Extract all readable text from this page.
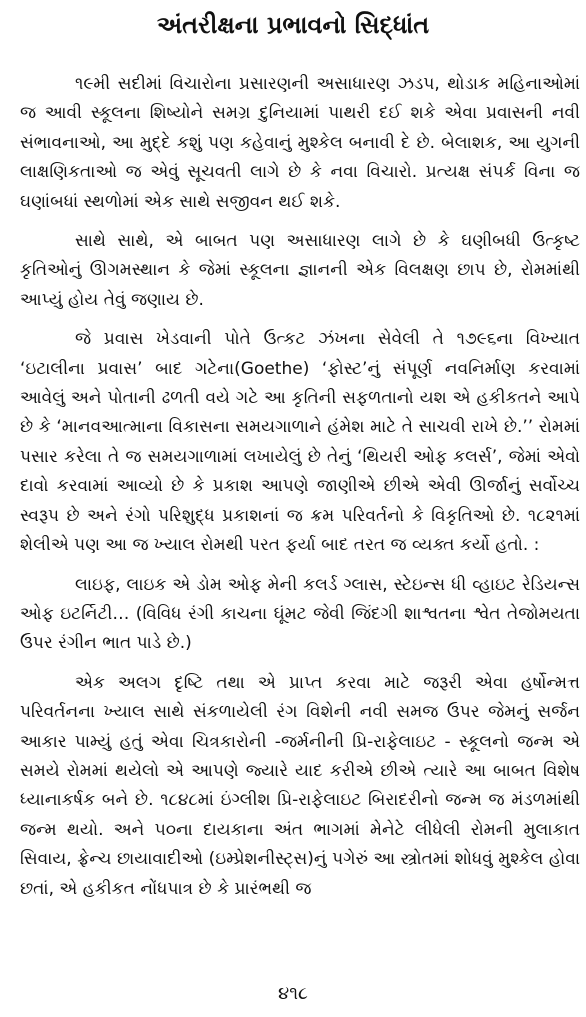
અંતરીક્ષના પ્રભાવનો સિદ્ધાંત

૧૯મી સદીમાં વિચારોના પ્રસારણની અસાધારણ ઝડપ, થોડાક મહિનાઓમાં જ આવી સ્કૂલના શિષ્યોને સમગ્ર દુનિયામાં પાથરી દઈ શકે એવા પ્રવાસની નવી સંભાવનાઓ, આ મુદ્દે કશું પણ કહેવાનું મુશ્કેલ બનાવી દે છે. બેલાશક, આ યુગની લાક્ષણિકતાઓ જ એવું સૂચવતી લાગે છે કે નવા વિચારો. પ્રત્યક્ષ સંપર્ક વિના જ ઘણાંબધાં સ્થળોમાં એક સાથે સજીવન થઈ શકે.

સાથે સાથે, એ બાબત પણ અસાધારણ લાગે છે કે ઘણીબધી ઉત્કૃષ્ટ કૃતિઓનું ઊગમસ્થાન કે જેમાં સ્કૂલના જ્ઞાનની એક વિલક્ષણ છાપ છે, રોમમાંથી આપ્યું હોય તેવું જણાય છે.

જે પ્રવાસ ખેડવાની પોતે ઉત્કટ ઝંખના સેવેલી તે ૧૭૯૬ના વિખ્યાત ‘ઇટાલીના પ્રવાસ’ બાદ ગટેના(Goethe) ‘ફોસ્ટ’નું સંપૂર્ણ નવનિર્માણ કરવામાં આવેલું અને પોતાની ઢળતી વયે ગટે આ કૃતિની સફળતાનો યશ એ હકીકતને આપે છે કે ‘માનવઆત્માના વિકાસના સમયગાળાને હંમેશ માટે તે સાચવી રાખે છે.’’ રોમમાં પસાર કરેલા તે જ સમયગાળામાં લખાયેલું છે તેનું ‘થિયરી ઓફ કલર્સ’, જેમાં એવો દાવો કરવામાં આવ્યો છે કે પ્રકાશ આપણે જાણીએ છીએ એવી ઊર્જાનું સર્વોચ્ચ સ્વરૂપ છે અને રંગો પરિશુદ્ધ પ્રકાશનાં જ ક્રમ પરિવર્તનો કે વિકૃતિઓ છે. ૧૮૨૧માં શેલીએ પણ આ જ ખ્યાલ રોમથી પરત ફર્યા બાદ તરત જ વ્યક્ત કર્યો હતો. :

લાઇફ, લાઇક એ ડોમ ઓફ મેની કલર્ડ ગ્લાસ, સ્ટેઇન્સ ધી વ્હાઇટ રેડિયન્સ ઓફ ઇટર્નિટી… (વિવિધ રંગી કાચના ઘૂંમટ જેવી જિંદગી શાશ્વતના શ્વેત તેજોમયતા ઉપર રંગીન ભાત પાડે છે.)

એક અલગ દૃષ્ટિ તથા એ પ્રાપ્ત કરવા માટે જરૂરી એવા હર્ષોન્મત્ત પરિવર્તનના ખ્યાલ સાથે સંકળાયેલી રંગ વિશેની નવી સમજ ઉપર જેમનું સર્જન આકાર પામ્યું હતું એવા ચિત્રકારોની -જર્મનીની પ્રિ-રાફેલાઇટ - સ્કૂલનો જન્મ એ સમયે રોમમાં થયેલો એ આપણે જ્યારે યાદ કરીએ છીએ ત્યારે આ બાબત વિશેષ ધ્યાનાકર્ષક બને છે. ૧૮૪૮માં ઇંગ્લીશ પ્રિ-રાફેલાઇટ બિરાદરીનો જન્મ જ મંડળમાંથી જન્મ થયો. અને ૫૦ના દાયકાના અંત ભાગમાં મેનેટે લીધેલી રોમની મુલાકાત સિવાય, ફ્રેન્ચ છાયાવાદીઓ (ઇમ્પ્રેશનીસ્ટ્સ)નું પગેરું આ સ્ત્રોતમાં શોધવું મુશ્કેલ હોવા છતાં, એ હકીકત નોંધપાત્ર છે કે પ્રારંભથી જ

૪૧૮
